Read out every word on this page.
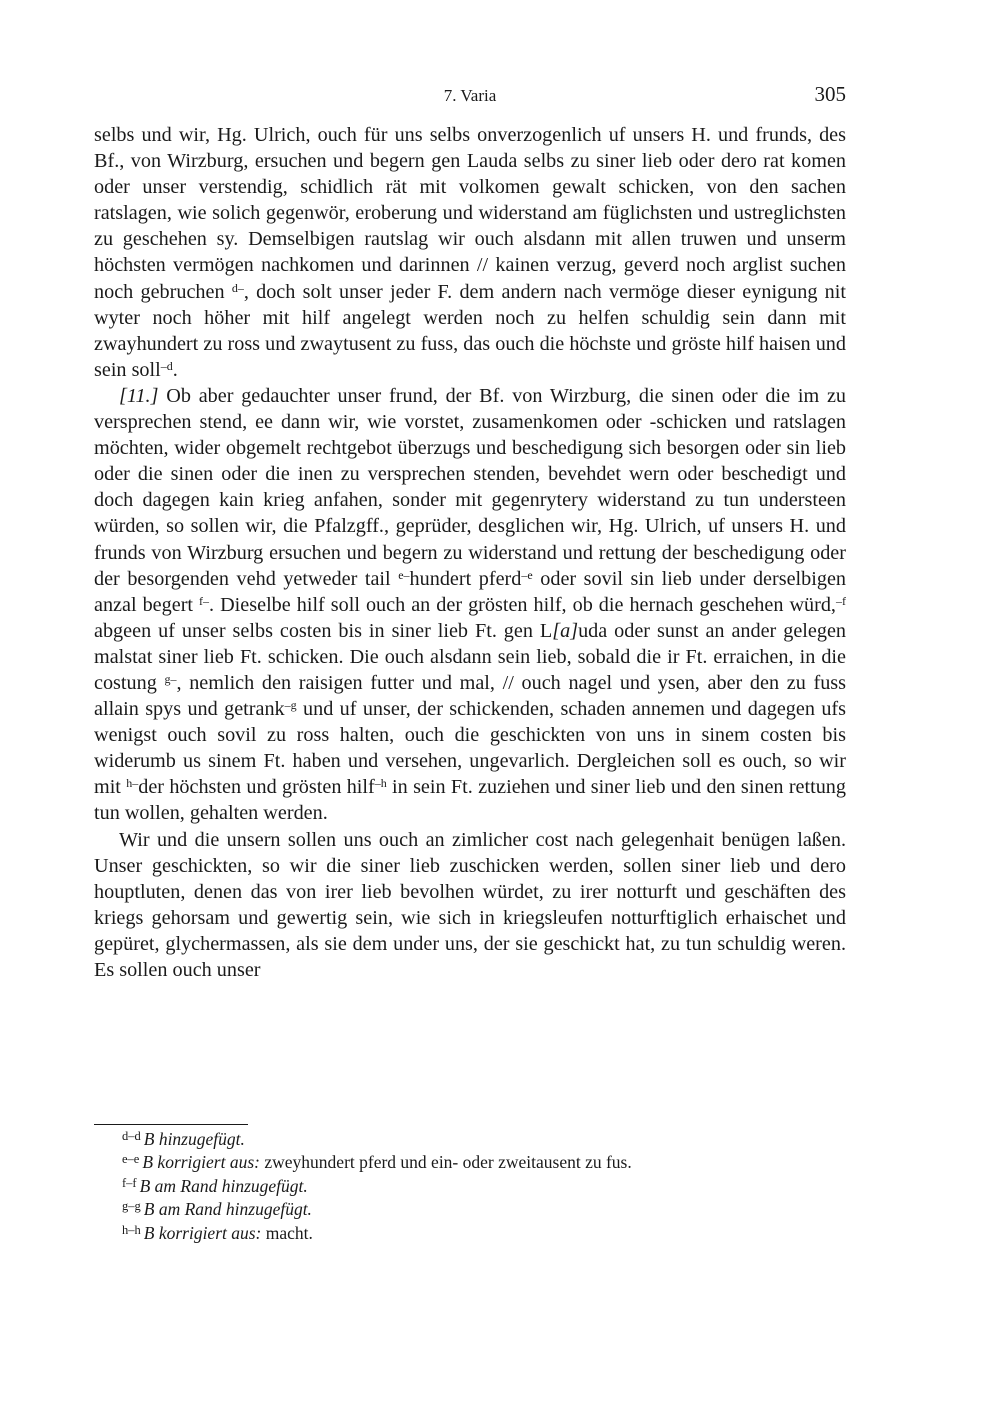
7. Varia	305

selbs und wir, Hg. Ulrich, ouch für uns selbs onverzogenlich uf unsers H. und frunds, des Bf., von Wirzburg, ersuchen und begern gen Lauda selbs zu siner lieb oder dero rat komen oder unser verstendig, schidlich rät mit volkomen gewalt schicken, von den sachen ratslagen, wie solich gegenwör, eroberung und widerstand am füglichsten und ustreglichsten zu geschehen sy. Demselbigen rautslag wir ouch alsdann mit allen truwen und unserm höchsten vermögen nachkomen und darinnen // kainen verzug, geverd noch arglist suchen noch gebruchen $^{d-}$, doch solt unser jeder F. dem andern nach vermöge dieser eynigung nit wyter noch höher mit hilf angelegt werden noch zu helfen schuldig sein dann mit zwayhundert zu ross und zwaytusent zu fuss, das ouch die höchste und gröste hilf haisen und sein soll$^{-d}$.

[11.] Ob aber gedauchter unser frund, der Bf. von Wirzburg, die sinen oder die im zu versprechen stend, ee dann wir, wie vorstet, zusamenkomen oder -schicken und ratslagen möchten, wider obgemelt rechtgebot überzugs und beschedigung sich besorgen oder sin lieb oder die sinen oder die inen zu versprechen stenden, bevehdet wern oder beschedigt und doch dagegen kain krieg anfahen, sonder mit gegenrytery widerstand zu tun understeen würden, so sollen wir, die Pfalzgff., geprüder, desglichen wir, Hg. Ulrich, uf unsers H. und frunds von Wirzburg ersuchen und begern zu widerstand und rettung der beschedigung oder der besorgenden vehd yetweder tail $^{e-}$hundert pferd$^{-e}$ oder sovil sin lieb under derselbigen anzal begert $^{f-}$. Dieselbe hilf soll ouch an der grösten hilf, ob die hernach geschehen würd,$^{-f}$ abgeen uf unser selbs costen bis in siner lieb Ft. gen L[a]uda oder sunst an ander gelegen malstat siner lieb Ft. schicken. Die ouch alsdann sein lieb, sobald die ir Ft. erraichen, in die costung $^{g-}$, nemlich den raisigen futter und mal, // ouch nagel und ysen, aber den zu fuss allain spys und getrank$^{-g}$ und uf unser, der schickenden, schaden annemen und dagegen ufs wenigst ouch sovil zu ross halten, ouch die geschickten von uns in sinem costen bis widerumb us sinem Ft. haben und versehen, ungevarlich. Dergleichen soll es ouch, so wir mit $^{h-}$der höchsten und grösten hilf$^{-h}$ in sein Ft. zuziehen und siner lieb und den sinen rettung tun wollen, gehalten werden.

Wir und die unsern sollen uns ouch an zimlicher cost nach gelegenhait benügen laßen. Unser geschickten, so wir die siner lieb zuschicken werden, sollen siner lieb und dero houptluten, denen das von irer lieb bevolhen würdet, zu irer notturft und geschäften des kriegs gehorsam und gewertig sein, wie sich in kriegsleufen notturftiglich erhaischet und gepüret, glychermassen, als sie dem under uns, der sie geschickt hat, zu tun schuldig weren. Es sollen ouch unser

$^{d-d}$ B hinzugefügt.

$^{e-e}$ B korrigiert aus: zweyhundert pferd und ein- oder zweitausent zu fus.

$^{f-f}$ B am Rand hinzugefügt.

$^{g-g}$ B am Rand hinzugefügt.

$^{h-h}$ B korrigiert aus: macht.
